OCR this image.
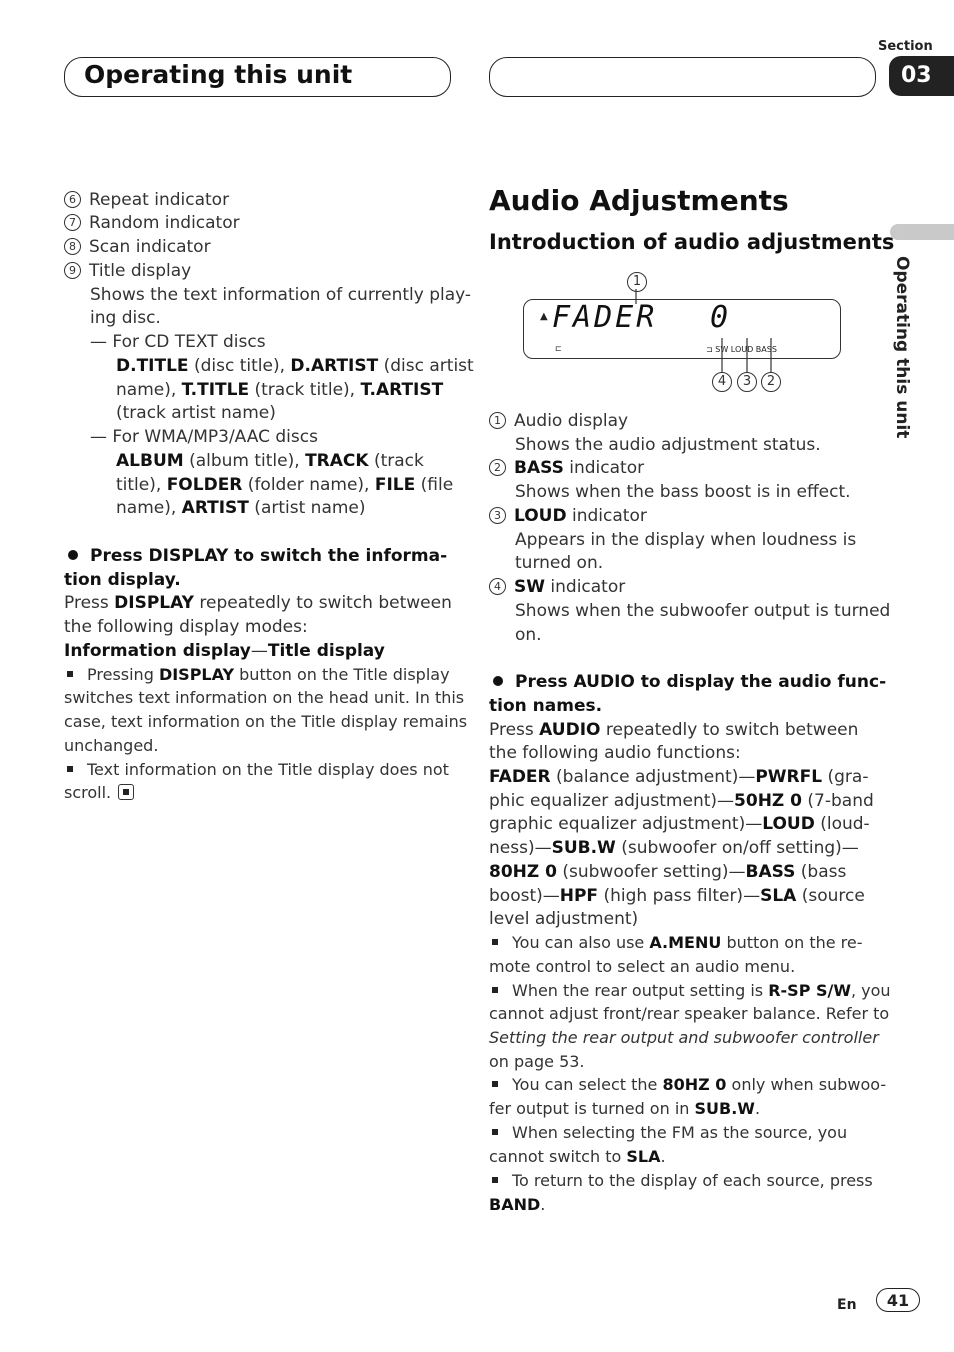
Operating this unit
Section
03
Operating this unit
6 Repeat indicator
7 Random indicator
8 Scan indicator
9 Title display
Shows the text information of currently play-
ing disc.
— For CD TEXT discs
D.TITLE (disc title), D.ARTIST (disc artist
name), T.TITLE (track title), T.ARTIST
(track artist name)
— For WMA/MP3/AAC discs
ALBUM (album title), TRACK (track
title), FOLDER (folder name), FILE (file
name), ARTIST (artist name)
Press DISPLAY to switch the informa-
tion display.
Press DISPLAY repeatedly to switch between
the following display modes:
Information display—Title display
Pressing DISPLAY button on the Title display
switches text information on the head unit. In this
case, text information on the Title display remains
unchanged.
Text information on the Title display does not
scroll.
Audio Adjustments
Introduction of audio adjustments
▲ FADER 0
⊏	⊐ SW LOUD BASS
1
4	3	2
1 Audio display
Shows the audio adjustment status.
2 BASS indicator
Shows when the bass boost is in effect.
3 LOUD indicator
Appears in the display when loudness is
turned on.
4 SW indicator
Shows when the subwoofer output is turned
on.
Press AUDIO to display the audio func-
tion names.
Press AUDIO repeatedly to switch between
the following audio functions:
FADER (balance adjustment)—PWRFL (gra-
phic equalizer adjustment)—50HZ 0 (7-band
graphic equalizer adjustment)—LOUD (loud-
ness)—SUB.W (subwoofer on/off setting)—
80HZ 0 (subwoofer setting)—BASS (bass
boost)—HPF (high pass filter)—SLA (source
level adjustment)
You can also use A.MENU button on the re-
mote control to select an audio menu.
When the rear output setting is R-SP S/W, you
cannot adjust front/rear speaker balance. Refer to
Setting the rear output and subwoofer controller
on page 53.
You can select the 80HZ 0 only when subwoo-
fer output is turned on in SUB.W.
When selecting the FM as the source, you
cannot switch to SLA.
To return to the display of each source, press
BAND.
En	41
